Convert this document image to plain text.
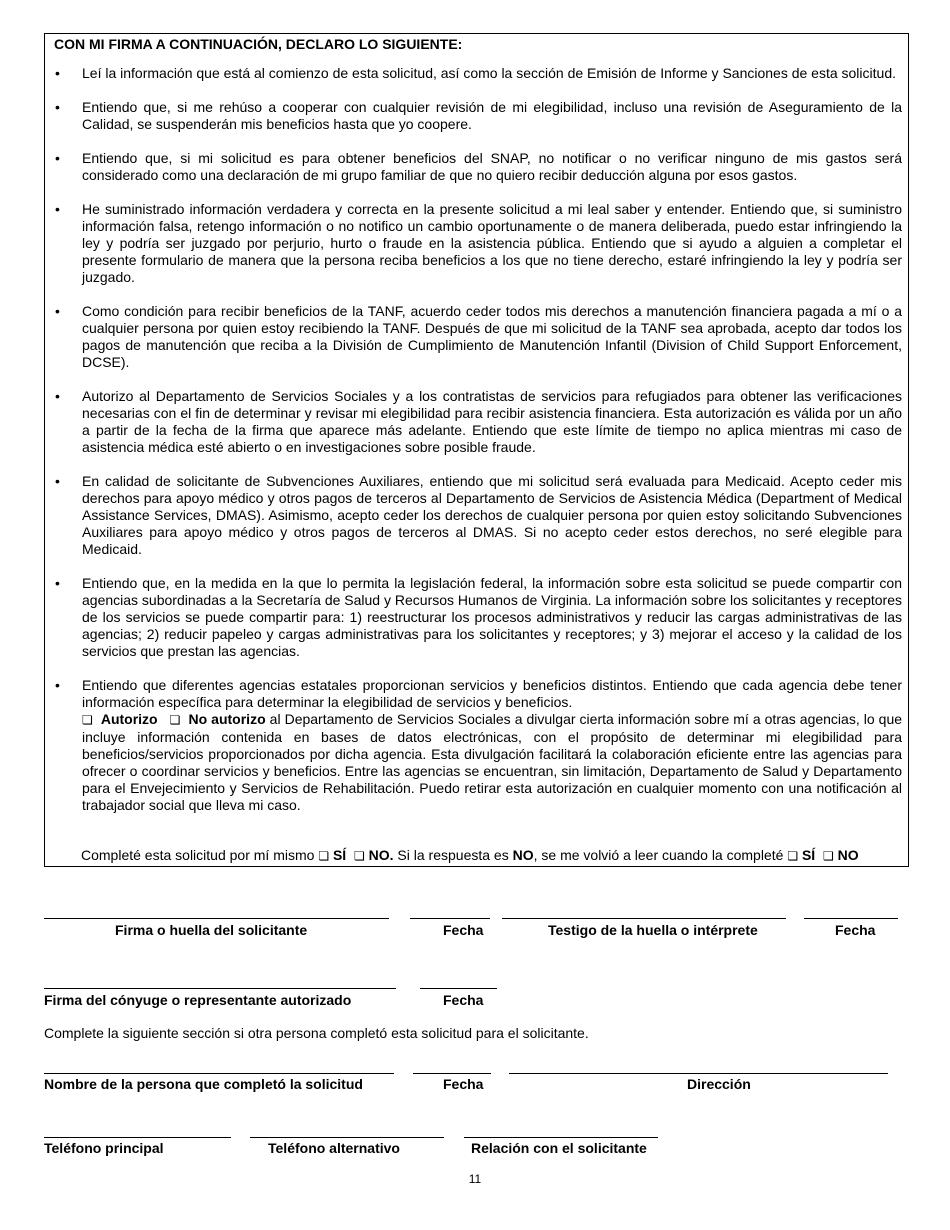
CON MI FIRMA A CONTINUACIÓN, DECLARO LO SIGUIENTE:
• Leí la información que está al comienzo de esta solicitud, así como la sección de Emisión de Informe y Sanciones de esta solicitud.
• Entiendo que, si me rehúso a cooperar con cualquier revisión de mi elegibilidad, incluso una revisión de Aseguramiento de la Calidad, se suspenderán mis beneficios hasta que yo coopere.
• Entiendo que, si mi solicitud es para obtener beneficios del SNAP, no notificar o no verificar ninguno de mis gastos será considerado como una declaración de mi grupo familiar de que no quiero recibir deducción alguna por esos gastos.
• He suministrado información verdadera y correcta en la presente solicitud a mi leal saber y entender. Entiendo que, si suministro información falsa, retengo información o no notifico un cambio oportunamente o de manera deliberada, puedo estar infringiendo la ley y podría ser juzgado por perjurio, hurto o fraude en la asistencia pública. Entiendo que si ayudo a alguien a completar el presente formulario de manera que la persona reciba beneficios a los que no tiene derecho, estaré infringiendo la ley y podría ser juzgado.
• Como condición para recibir beneficios de la TANF, acuerdo ceder todos mis derechos a manutención financiera pagada a mí o a cualquier persona por quien estoy recibiendo la TANF. Después de que mi solicitud de la TANF sea aprobada, acepto dar todos los pagos de manutención que reciba a la División de Cumplimiento de Manutención Infantil (Division of Child Support Enforcement, DCSE).
• Autorizo al Departamento de Servicios Sociales y a los contratistas de servicios para refugiados para obtener las verificaciones necesarias con el fin de determinar y revisar mi elegibilidad para recibir asistencia financiera. Esta autorización es válida por un año a partir de la fecha de la firma que aparece más adelante. Entiendo que este límite de tiempo no aplica mientras mi caso de asistencia médica esté abierto o en investigaciones sobre posible fraude.
• En calidad de solicitante de Subvenciones Auxiliares, entiendo que mi solicitud será evaluada para Medicaid. Acepto ceder mis derechos para apoyo médico y otros pagos de terceros al Departamento de Servicios de Asistencia Médica (Department of Medical Assistance Services, DMAS). Asimismo, acepto ceder los derechos de cualquier persona por quien estoy solicitando Subvenciones Auxiliares para apoyo médico y otros pagos de terceros al DMAS. Si no acepto ceder estos derechos, no seré elegible para Medicaid.
• Entiendo que, en la medida en la que lo permita la legislación federal, la información sobre esta solicitud se puede compartir con agencias subordinadas a la Secretaría de Salud y Recursos Humanos de Virginia. La información sobre los solicitantes y receptores de los servicios se puede compartir para: 1) reestructurar los procesos administrativos y reducir las cargas administrativas de las agencias; 2) reducir papeleo y cargas administrativas para los solicitantes y receptores; y 3) mejorar el acceso y la calidad de los servicios que prestan las agencias.
• Entiendo que diferentes agencias estatales proporcionan servicios y beneficios distintos. Entiendo que cada agencia debe tener información específica para determinar la elegibilidad de servicios y beneficios.
❏ Autorizo ❏ No autorizo al Departamento de Servicios Sociales a divulgar cierta información sobre mí a otras agencias, lo que incluye información contenida en bases de datos electrónicas, con el propósito de determinar mi elegibilidad para beneficios/servicios proporcionados por dicha agencia. Esta divulgación facilitará la colaboración eficiente entre las agencias para ofrecer o coordinar servicios y beneficios. Entre las agencias se encuentran, sin limitación, Departamento de Salud y Departamento para el Envejecimiento y Servicios de Rehabilitación. Puedo retirar esta autorización en cualquier momento con una notificación al trabajador social que lleva mi caso.
Completé esta solicitud por mí mismo ❏ SÍ ❏ NO. Si la respuesta es NO, se me volvió a leer cuando la completé ❏ SÍ ❏ NO
Firma o huella del solicitante	Fecha	Testigo de la huella o intérprete	Fecha
Firma del cónyuge o representante autorizado	Fecha
Complete la siguiente sección si otra persona completó esta solicitud para el solicitante.
Nombre de la persona que completó la solicitud	Fecha	Dirección
Teléfono principal	Teléfono alternativo	Relación con el solicitante
11
